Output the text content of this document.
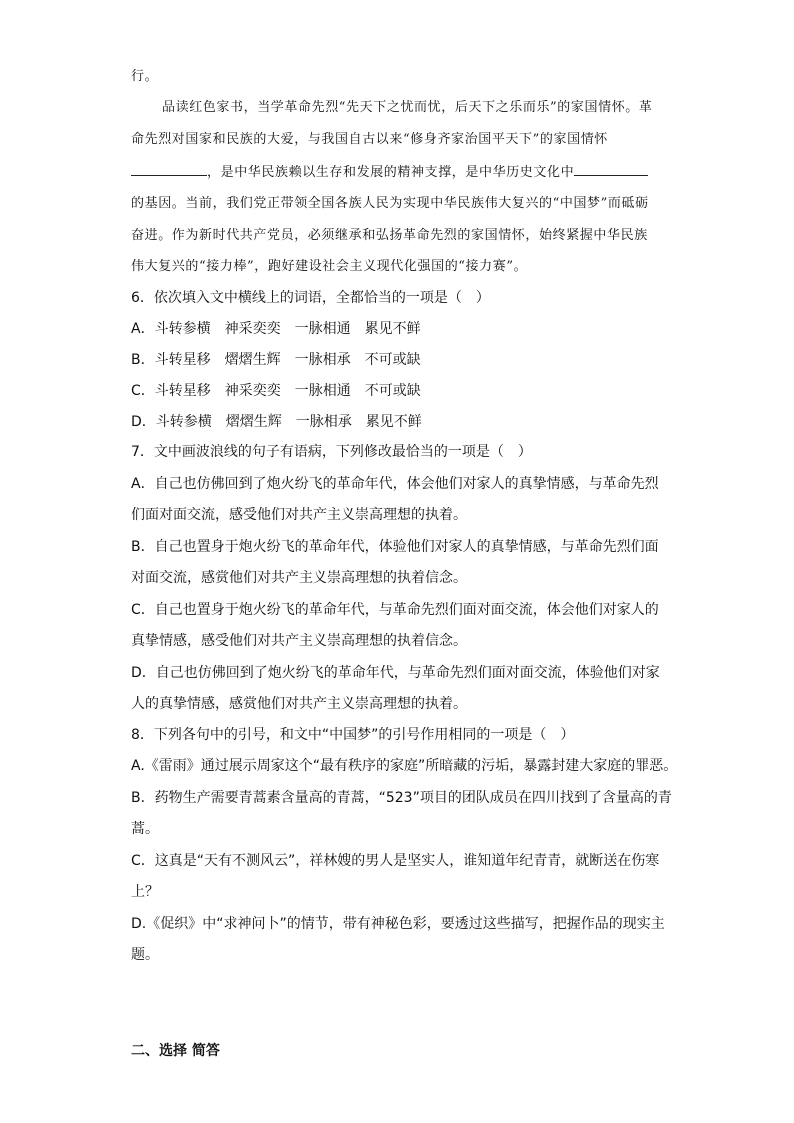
行。
品读红色家书，当学革命先烈“先天下之忧而忧，后天下之乐而乐”的家国情怀。革
命先烈对国家和民族的大爱，与我国自古以来“修身齐家治国平天下”的家国情怀
，是中华民族赖以生存和发展的精神支撑，是中华历史文化中
的基因。当前，我们党正带领全国各族人民为实现中华民族伟大复兴的“中国梦”而砥砺
奋进。作为新时代共产党员，必须继承和弘扬革命先烈的家国情怀，始终紧握中华民族
伟大复兴的“接力棒”，跑好建设社会主义现代化强国的“接力赛”。
6．依次填入文中横线上的词语，全都恰当的一项是（　）
A．斗转参横　神采奕奕　一脉相通　累见不鲜
B．斗转星移　熠熠生辉　一脉相承　不可或缺
C．斗转星移　神采奕奕　一脉相通　不可或缺
D．斗转参横　熠熠生辉　一脉相承　累见不鲜
7．文中画波浪线的句子有语病，下列修改最恰当的一项是（　）
A．自己也仿佛回到了炮火纷飞的革命年代，体会他们对家人的真挚情感，与革命先烈
们面对面交流，感受他们对共产主义崇高理想的执着。
B．自己也置身于炮火纷飞的革命年代，体验他们对家人的真挚情感，与革命先烈们面
对面交流，感赏他们对共产主义崇高理想的执着信念。
C．自己也置身于炮火纷飞的革命年代，与革命先烈们面对面交流，体会他们对家人的
真挚情感，感受他们对共产主义崇高理想的执着信念。
D．自己也仿佛回到了炮火纷飞的革命年代，与革命先烈们面对面交流，体验他们对家
人的真挚情感，感赏他们对共产主义崇高理想的执着。
8．下列各句中的引号，和文中“中国梦”的引号作用相同的一项是（　）
A.《雷雨》通过展示周家这个“最有秩序的家庭”所暗藏的污垢，暴露封建大家庭的罪恶。
B．药物生产需要青蒿素含量高的青蒿，“523”项目的团队成员在四川找到了含量高的青
蒿。
C．这真是“天有不测风云”，祥林嫂的男人是坚实人，谁知道年纪青青，就断送在伤寒
上？
D.《促织》中“求神问卜”的情节，带有神秘色彩，要透过这些描写，把握作品的现实主
题。
二、选择 简答
